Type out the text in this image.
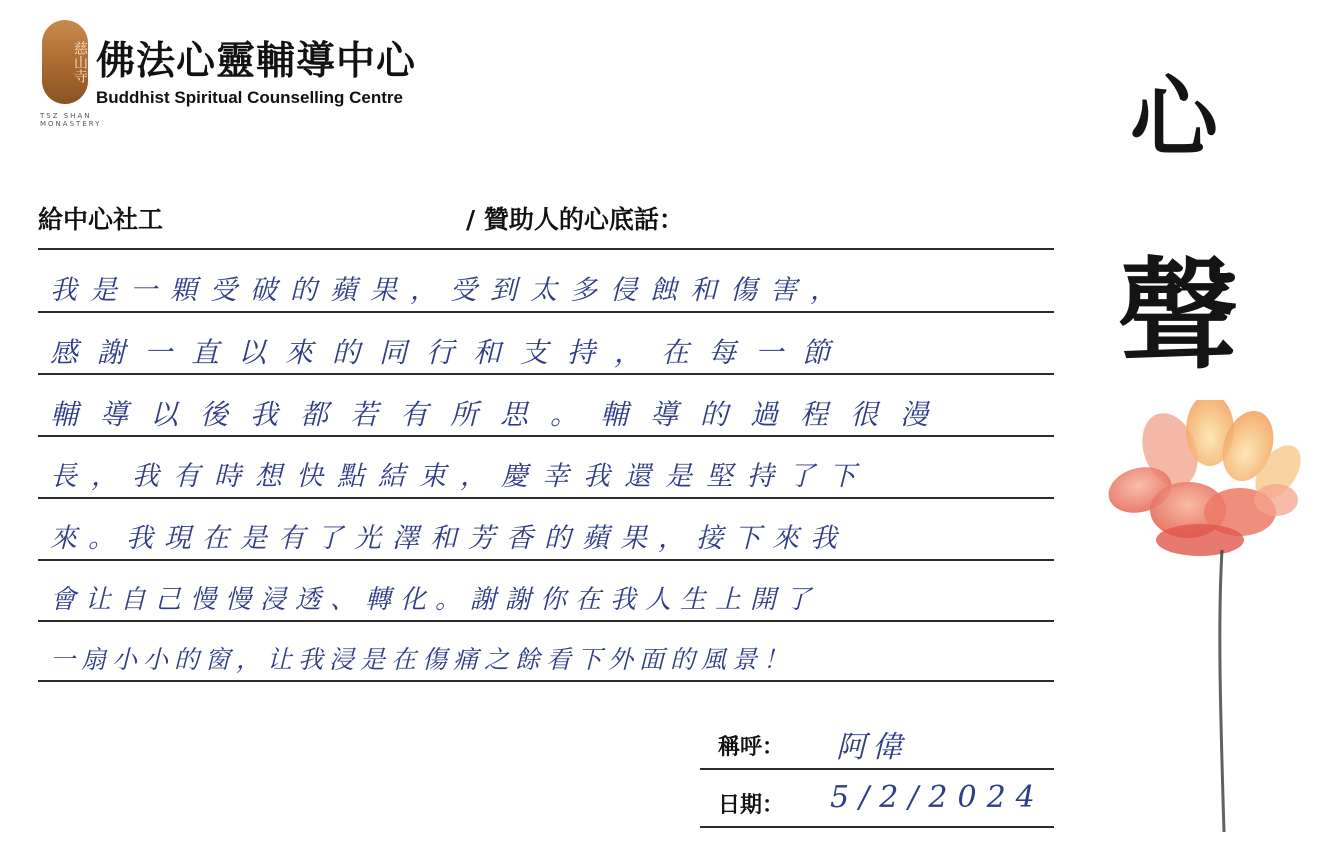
慈山寺
TSZ SHAN MONASTERY
佛法心靈輔導中心
Buddhist Spiritual Counselling Centre	心
聲
給中心社工	/ 贊助人的心底話：
我是一顆受破的蘋果，受到太多侵蝕和傷害，
感謝一直以來的同行和支持，在每一節
輔導以後我都若有所思。輔導的過程很漫
長，我有時想快點結束，慶幸我還是堅持了下
來。我現在是有了光澤和芳香的蘋果，接下來我
會让自己慢慢浸透、轉化。謝謝你在我人生上開了
一扇小小的窗，让我浸是在傷痛之餘看下外面的風景！
稱呼： 阿偉
日期： 5/2/2024
